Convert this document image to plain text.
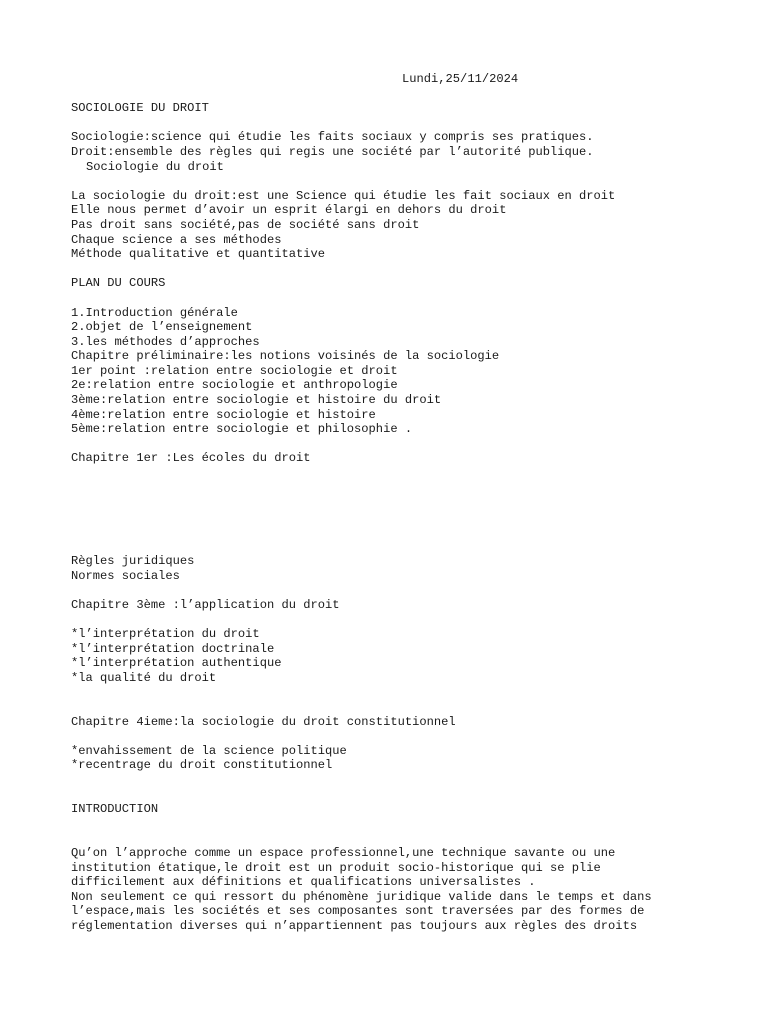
Lundi,25/11/2024
SOCIOLOGIE DU DROIT
Sociologie:science qui étudie les faits sociaux y compris ses pratiques.
Droit:ensemble des règles qui regis une société par l’autorité publique.
Sociologie du droit
La sociologie du droit:est une Science qui étudie les fait sociaux en droit
Elle nous permet d’avoir un esprit élargi en dehors du droit
Pas droit sans société,pas de société sans droit
Chaque science a ses méthodes
Méthode qualitative et quantitative
PLAN DU COURS
1.Introduction générale
2.objet de l’enseignement
3.les méthodes d’approches
Chapitre préliminaire:les notions voisinés de la sociologie
1er point :relation entre sociologie et droit
2e:relation entre sociologie et anthropologie
3ème:relation entre sociologie et histoire du droit
4ème:relation entre sociologie et histoire
5ème:relation entre sociologie et philosophie .
Chapitre 1er :Les écoles du droit
Règles juridiques
Normes sociales
Chapitre 3ème :l’application du droit
*l’interprétation du droit
*l’interprétation doctrinale
*l’interprétation authentique
*la qualité du droit
Chapitre 4ieme:la sociologie du droit constitutionnel
*envahissement de la science politique
*recentrage du droit constitutionnel
INTRODUCTION
Qu’on l’approche comme un espace professionnel,une technique savante ou une
institution étatique,le droit est un produit socio-historique qui se plie
difficilement aux définitions et qualifications universalistes .
Non seulement ce qui ressort du phénomène juridique valide dans le temps et dans
l’espace,mais les sociétés et ses composantes sont traversées par des formes de
réglementation diverses qui n’appartiennent pas toujours aux règles des droits
